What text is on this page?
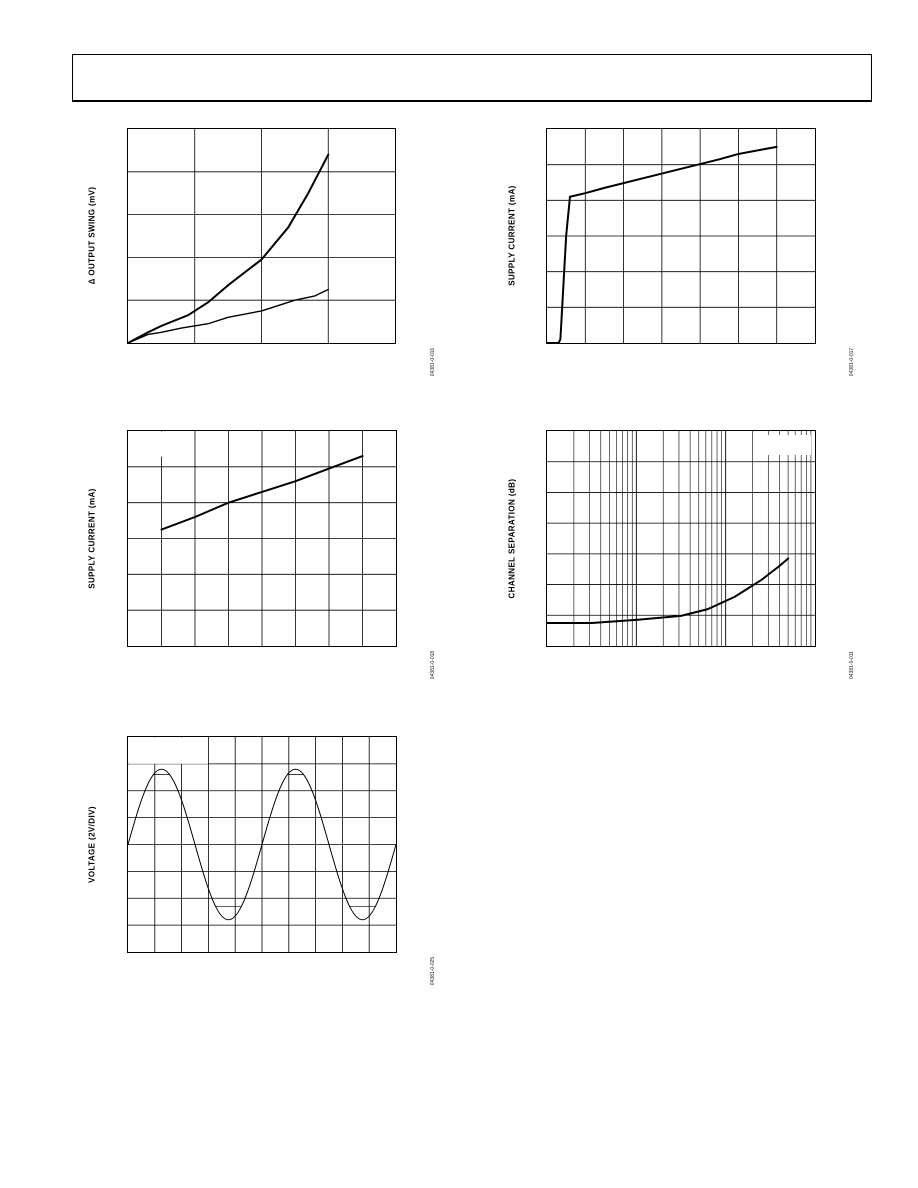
Δ OUTPUT SWING (mV)
04381-0-016
SUPPLY CURRENT (mA)
04381-0-017
SUPPLY CURRENT (mA)
04381-0-018
CHANNEL SEPARATION (dB)
04381-0-011
VOLTAGE (2V/DIV)
04381-0-025
